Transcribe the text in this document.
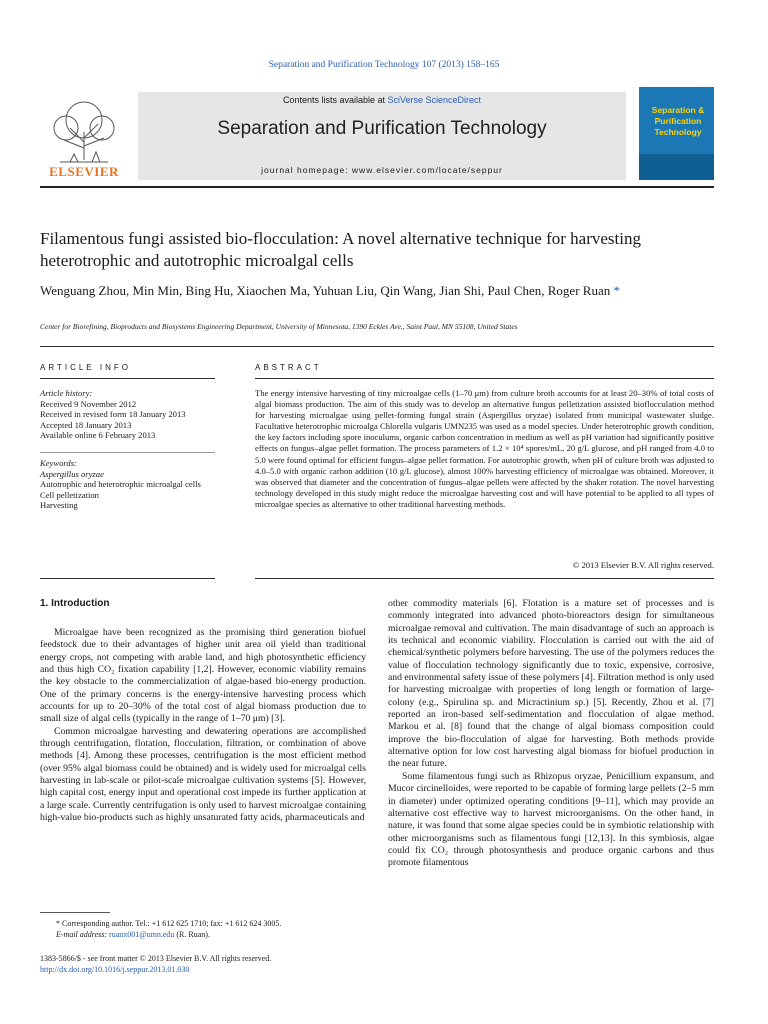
Separation and Purification Technology 107 (2013) 158–165
ELSEVIER
Contents lists available at SciVerse ScienceDirect
Separation and Purification Technology
journal homepage: www.elsevier.com/locate/seppur
Separation & Purification Technology
Filamentous fungi assisted bio-flocculation: A novel alternative technique for harvesting heterotrophic and autotrophic microalgal cells
Wenguang Zhou, Min Min, Bing Hu, Xiaochen Ma, Yuhuan Liu, Qin Wang, Jian Shi, Paul Chen, Roger Ruan *
Center for Biorefining, Bioproducts and Biosystems Engineering Department, University of Minnesota, 1390 Eckles Ave., Saint Paul, MN 55108, United States
ARTICLE INFO
Article history:
Received 9 November 2012
Received in revised form 18 January 2013
Accepted 18 January 2013
Available online 6 February 2013
Keywords:
Aspergillus oryzae
Autotrophic and heterotrophic microalgal cells
Cell pelletization
Harvesting
ABSTRACT
The energy intensive harvesting of tiny microalgae cells (1–70 μm) from culture broth accounts for at least 20–30% of total costs of algal biomass production. The aim of this study was to develop an alternative fungus pelletization assisted bioflocculation method for harvesting microalgae using pellet-forming fungal strain (Aspergillus oryzae) isolated from municipal wastewater sludge. Facultative heterotrophic microalga Chlorella vulgaris UMN235 was used as a model species. Under heterotrophic growth condition, the key factors including spore inoculums, organic carbon concentration in medium as well as pH variation had significantly positive effects on fungus–algae pellet formation. The process parameters of 1.2 × 10⁴ spores/mL, 20 g/L glucose, and pH ranged from 4.0 to 5.0 were found optimal for efficient fungus–algae pellet formation. For autotrophic growth, when pH of culture broth was adjusted to 4.0–5.0 with organic carbon addition (10 g/L glucose), almost 100% harvesting efficiency of microalgae was obtained. Moreover, it was observed that diameter and the concentration of fungus–algae pellets were affected by the shaker rotation. The novel harvesting technology developed in this study might reduce the microalgae harvesting cost and will have potential to be applied to all types of microalgae species as alternative to other traditional harvesting methods.
© 2013 Elsevier B.V. All rights reserved.
1. Introduction

Microalgae have been recognized as the promising third generation biofuel feedstock due to their advantages of higher unit area oil yield than traditional energy crops, not competing with arable land, and high photosynthetic efficiency and thus high CO₂ fixation capability [1,2]. However, economic viability remains the key obstacle to the commercialization of algae-based bio-energy production. One of the primary concerns is the energy-intensive harvesting process which accounts for up to 20–30% of the total cost of algal biomass production due to small size of algal cells (typically in the range of 1–70 μm) [3].

Common microalgae harvesting and dewatering operations are accomplished through centrifugation, flotation, flocculation, filtration, or combination of above methods [4]. Among these processes, centrifugation is the most efficient method (over 95% algal biomass could be obtained) and is widely used for microalgal cells harvesting in lab-scale or pilot-scale microalgae cultivation systems [5]. However, high capital cost, energy input and operational cost impede its further application at a large scale. Currently centrifugation is only used to harvest microalgae containing high-value bio-products such as highly unsaturated fatty acids, pharmaceuticals and

other commodity materials [6]. Flotation is a mature set of processes and is commonly integrated into advanced photo-bioreactors design for simultaneous microalgae removal and cultivation. The main disadvantage of such an approach is its technical and economic viability. Flocculation is carried out with the aid of chemical/synthetic polymers before harvesting. The use of the polymers reduces the value of flocculation technology significantly due to toxic, expensive, corrosive, and environmental safety issue of these polymers [4]. Filtration method is only used for harvesting microalgae with properties of long length or formation of large-colony (e.g., Spirulina sp. and Micractinium sp.) [5]. Recently, Zhou et al. [7] reported an iron-based self-sedimentation and flocculation of algae method. Markou et al. [8] found that the change of algal biomass composition could improve the bio-flocculation of algae for harvesting. Both methods provide alternative option for low cost harvesting algal biomass for biofuel production in the near future.

Some filamentous fungi such as Rhizopus oryzae, Penicillium expansum, and Mucor circinelloides, were reported to be capable of forming large pellets (2–5 mm in diameter) under optimized operating conditions [9–11], which may provide an alternative cost effective way to harvest microorganisms. On the other hand, in nature, it was found that some algae species could be in symbiotic relationship with other microorganisms such as filamentous fungi [12,13]. In this symbiosis, algae could fix CO₂ through photosynthesis and produce organic carbons and thus promote filamentous

* Corresponding author. Tel.: +1 612 625 1710; fax: +1 612 624 3005.
E-mail address: ruanx001@umn.edu (R. Ruan).
1383-5866/$ - see front matter © 2013 Elsevier B.V. All rights reserved.
http://dx.doi.org/10.1016/j.seppur.2013.01.030
